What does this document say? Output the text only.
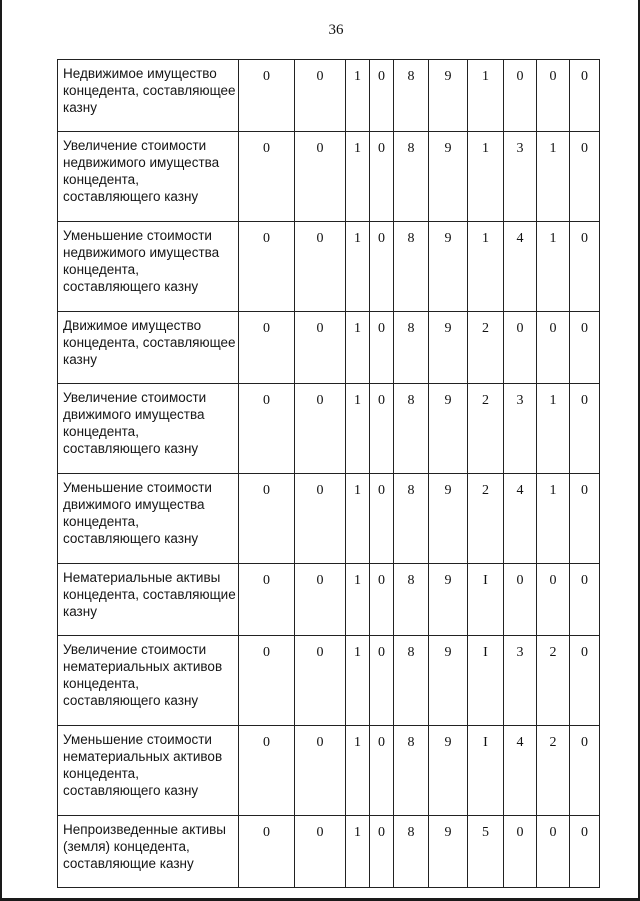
36
Недвижимое имущество концедента, составляющее казну	0	0	1	0	8	9	1	0	0	0
Увеличение стоимости недвижимого имущества концедента, составляющего казну	0	0	1	0	8	9	1	3	1	0
Уменьшение стоимости недвижимого имущества концедента, составляющего казну	0	0	1	0	8	9	1	4	1	0
Движимое имущество концедента, составляющее казну	0	0	1	0	8	9	2	0	0	0
Увеличение стоимости движимого имущества концедента, составляющего казну	0	0	1	0	8	9	2	3	1	0
Уменьшение стоимости движимого имущества концедента, составляющего казну	0	0	1	0	8	9	2	4	1	0
Нематериальные активы концедента, составляющие казну	0	0	1	0	8	9	I	0	0	0
Увеличение стоимости нематериальных активов концедента, составляющего казну	0	0	1	0	8	9	I	3	2	0
Уменьшение стоимости нематериальных активов концедента, составляющего казну	0	0	1	0	8	9	I	4	2	0
Непроизведенные активы (земля) концедента, составляющие казну	0	0	1	0	8	9	5	0	0	0
